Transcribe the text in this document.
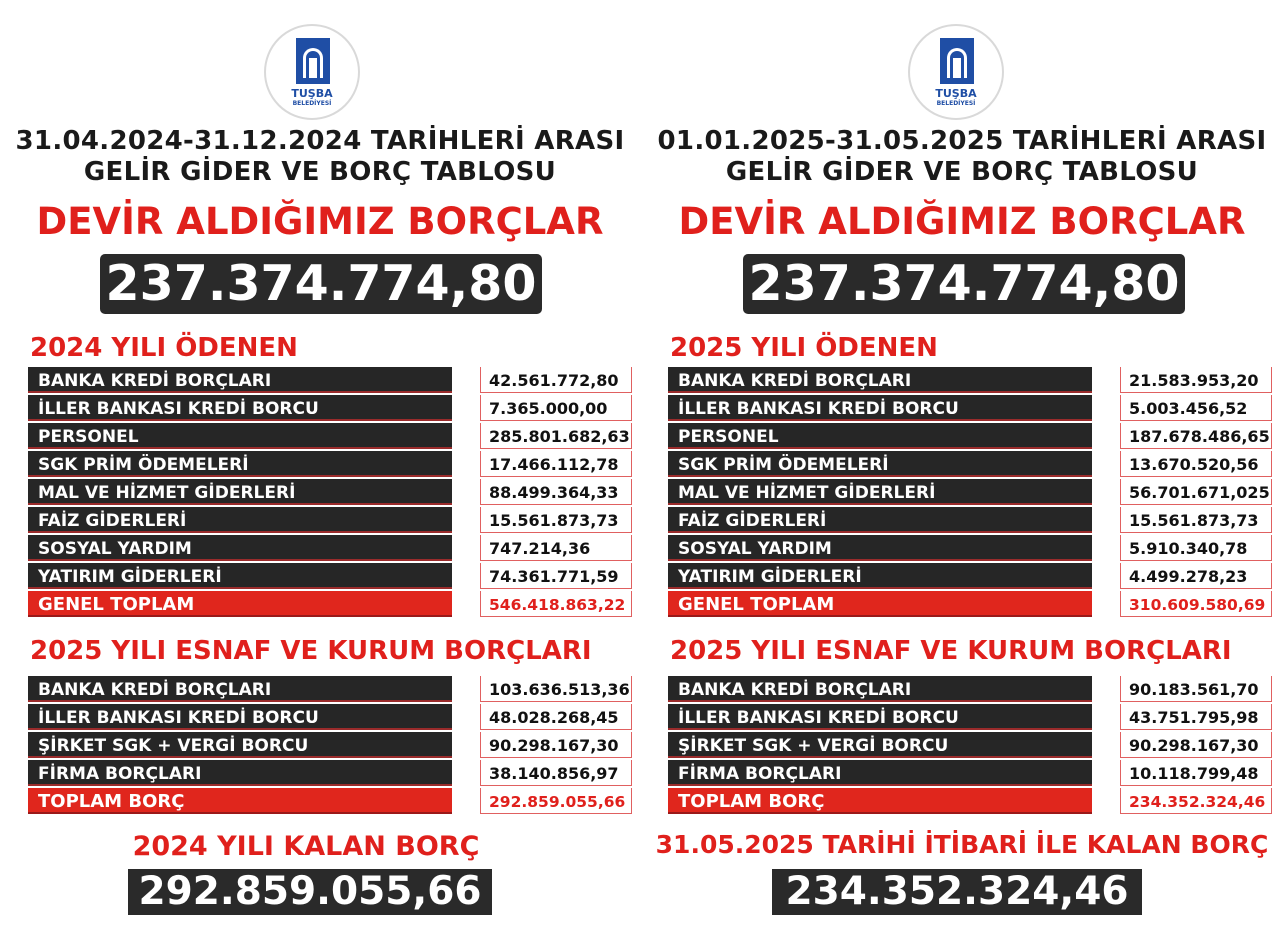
TUŞBA
BELEDİYESİ
31.04.2024-31.12.2024 TARİHLERİ ARASI
GELİR GİDER VE BORÇ TABLOSU
DEVİR ALDIĞIMIZ BORÇLAR
237.374.774,80
2024 YILI ÖDENEN
BANKA KREDİ BORÇLARI	42.561.772,80
İLLER BANKASI KREDİ BORCU	7.365.000,00
PERSONEL	285.801.682,63
SGK PRİM ÖDEMELERİ	17.466.112,78
MAL VE HİZMET GİDERLERİ	88.499.364,33
FAİZ GİDERLERİ	15.561.873,73
SOSYAL YARDIM	747.214,36
YATIRIM GİDERLERİ	74.361.771,59
GENEL TOPLAM	546.418.863,22
2025 YILI ESNAF VE KURUM BORÇLARI
BANKA KREDİ BORÇLARI	103.636.513,36
İLLER BANKASI KREDİ BORCU	48.028.268,45
ŞİRKET SGK + VERGİ BORCU	90.298.167,30
FİRMA BORÇLARI	38.140.856,97
TOPLAM BORÇ	292.859.055,66
2024 YILI KALAN BORÇ
292.859.055,66
TUŞBA
BELEDİYESİ
01.01.2025-31.05.2025 TARİHLERİ ARASI
GELİR GİDER VE BORÇ TABLOSU
DEVİR ALDIĞIMIZ BORÇLAR
237.374.774,80
2025 YILI ÖDENEN
BANKA KREDİ BORÇLARI	21.583.953,20
İLLER BANKASI KREDİ BORCU	5.003.456,52
PERSONEL	187.678.486,65
SGK PRİM ÖDEMELERİ	13.670.520,56
MAL VE HİZMET GİDERLERİ	56.701.671,025
FAİZ GİDERLERİ	15.561.873,73
SOSYAL YARDIM	5.910.340,78
YATIRIM GİDERLERİ	4.499.278,23
GENEL TOPLAM	310.609.580,69
2025 YILI ESNAF VE KURUM BORÇLARI
BANKA KREDİ BORÇLARI	90.183.561,70
İLLER BANKASI KREDİ BORCU	43.751.795,98
ŞİRKET SGK + VERGİ BORCU	90.298.167,30
FİRMA BORÇLARI	10.118.799,48
TOPLAM BORÇ	234.352.324,46
31.05.2025 TARİHİ İTİBARİ İLE KALAN BORÇ
234.352.324,46
